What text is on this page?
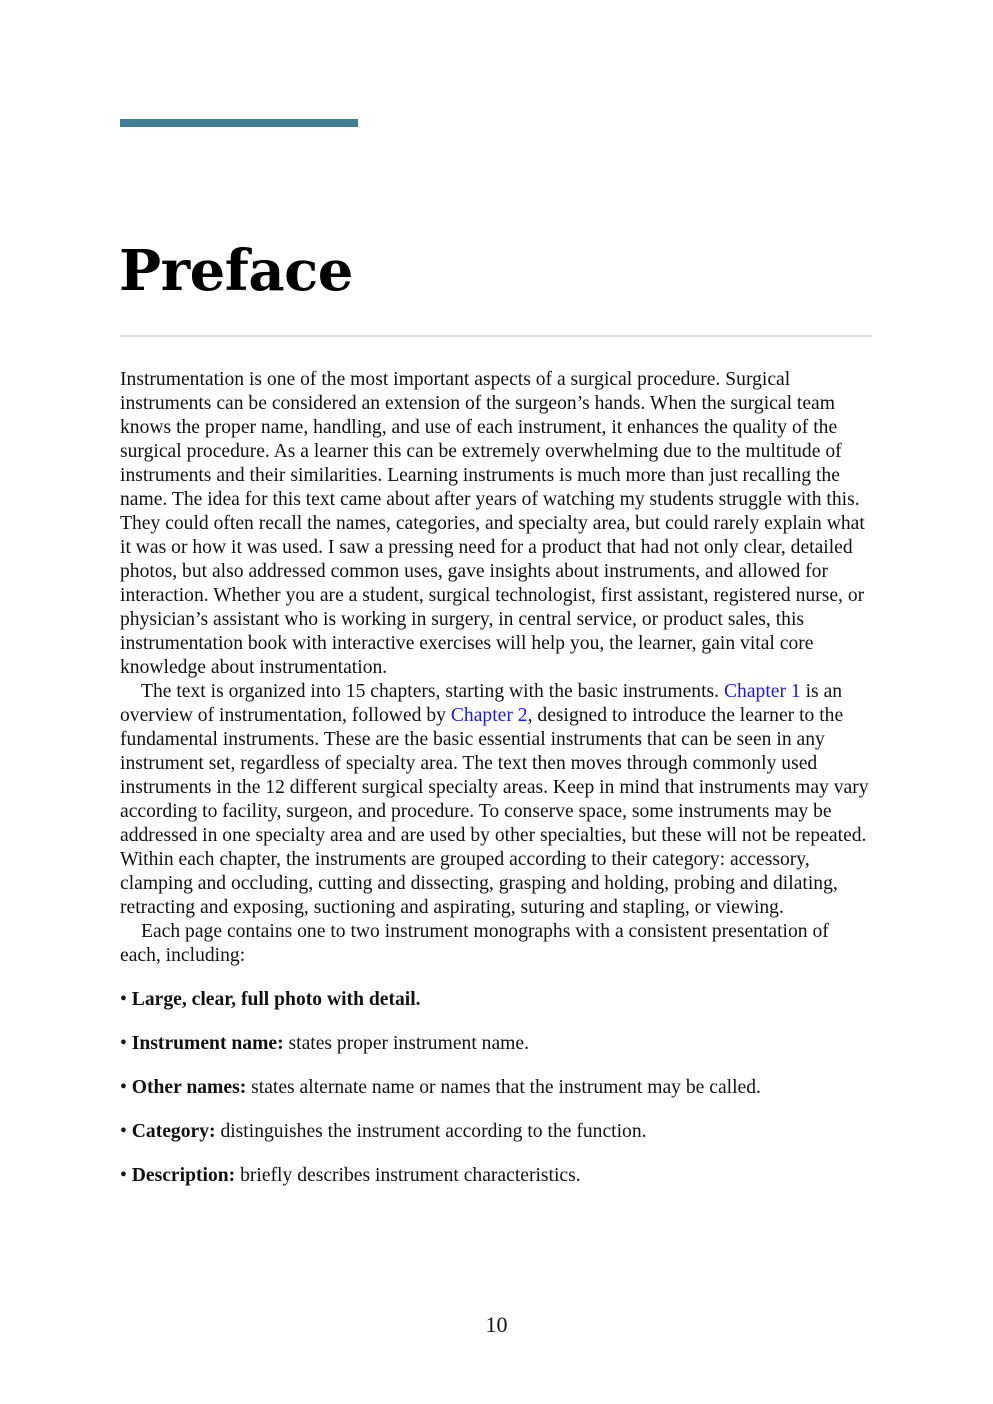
Preface

Instrumentation is one of the most important aspects of a surgical procedure. Surgical instruments can be considered an extension of the surgeon’s hands. When the surgical team knows the proper name, handling, and use of each instrument, it enhances the quality of the surgical procedure. As a learner this can be extremely overwhelming due to the multitude of instruments and their similarities. Learning instruments is much more than just recalling the name. The idea for this text came about after years of watching my students struggle with this. They could often recall the names, categories, and specialty area, but could rarely explain what it was or how it was used. I saw a pressing need for a product that had not only clear, detailed photos, but also addressed common uses, gave insights about instruments, and allowed for interaction. Whether you are a student, surgical technologist, first assistant, registered nurse, or physician’s assistant who is working in surgery, in central service, or product sales, this instrumentation book with interactive exercises will help you, the learner, gain vital core knowledge about instrumentation.

The text is organized into 15 chapters, starting with the basic instruments. Chapter 1 is an overview of instrumentation, followed by Chapter 2, designed to introduce the learner to the fundamental instruments. These are the basic essential instruments that can be seen in any instrument set, regardless of specialty area. The text then moves through commonly used instruments in the 12 different surgical specialty areas. Keep in mind that instruments may vary according to facility, surgeon, and procedure. To conserve space, some instruments may be addressed in one specialty area and are used by other specialties, but these will not be repeated. Within each chapter, the instruments are grouped according to their category: accessory, clamping and occluding, cutting and dissecting, grasping and holding, probing and dilating, retracting and exposing, suctioning and aspirating, suturing and stapling, or viewing.

Each page contains one to two instrument monographs with a consistent presentation of each, including:

• Large, clear, full photo with detail.
• Instrument name: states proper instrument name.
• Other names: states alternate name or names that the instrument may be called.
• Category: distinguishes the instrument according to the function.
• Description: briefly describes instrument characteristics.
10
